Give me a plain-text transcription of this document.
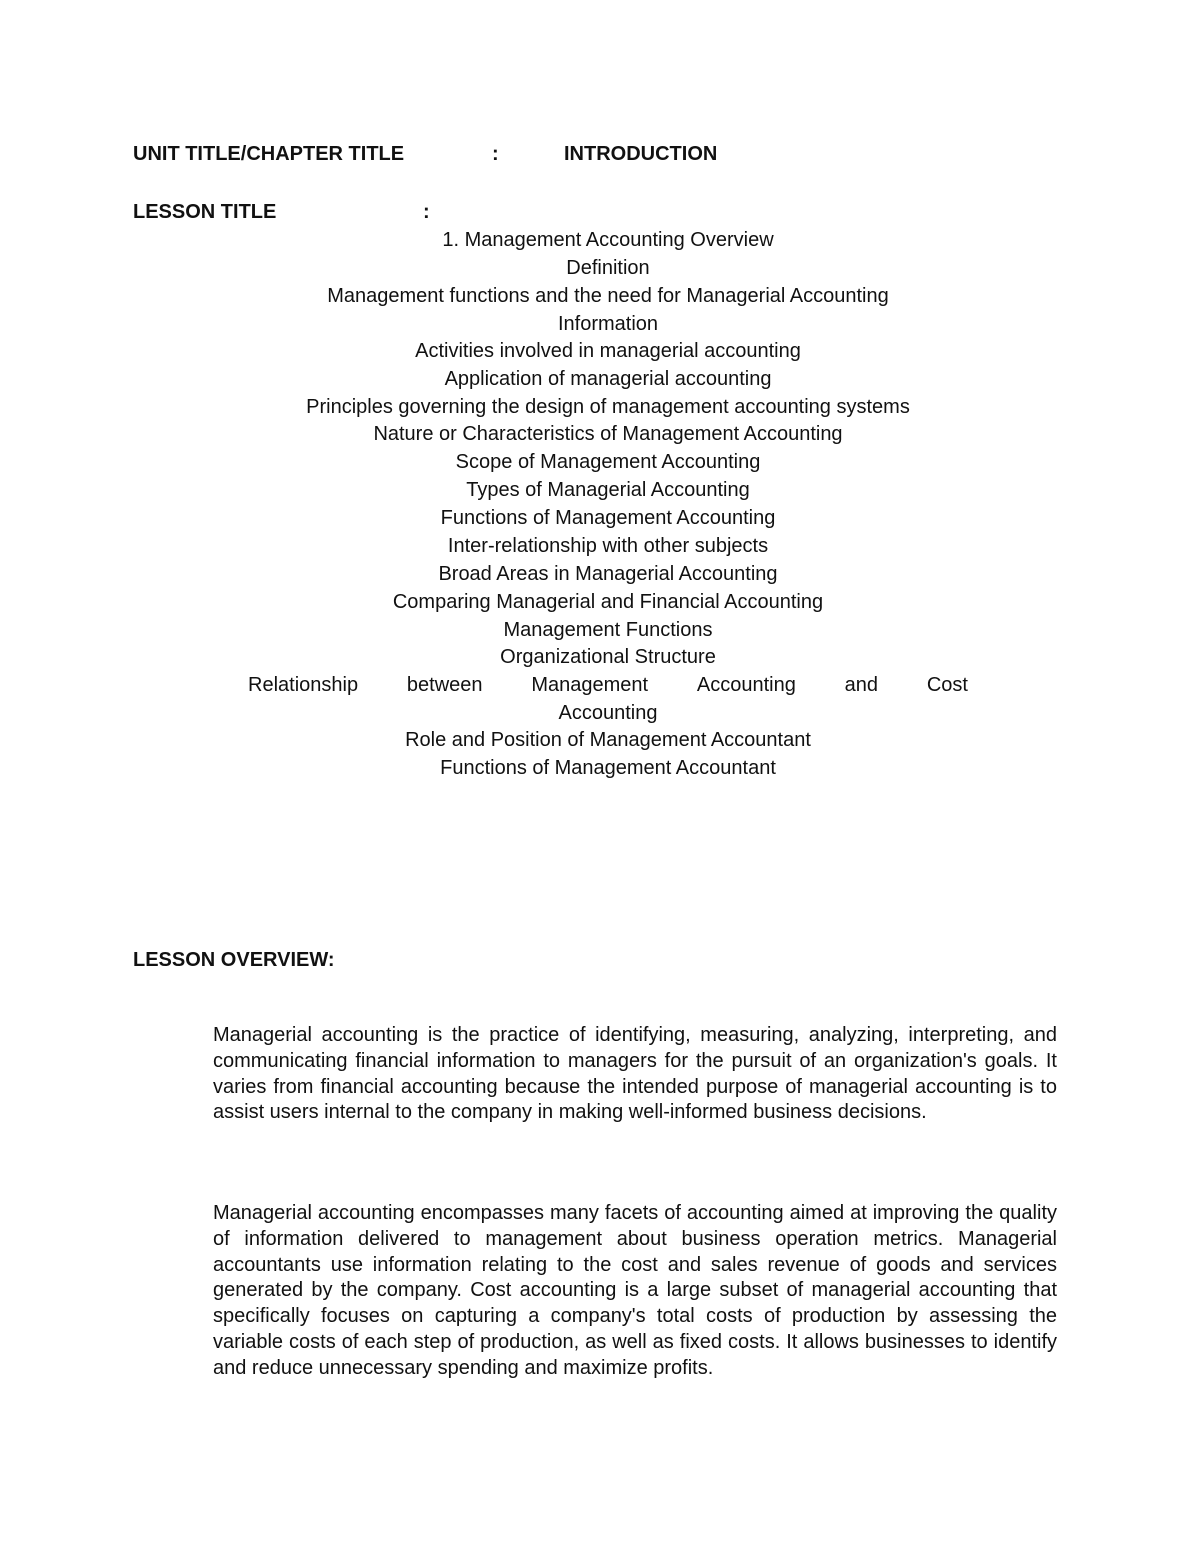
UNIT TITLE/CHAPTER TITLE	:	INTRODUCTION
LESSON TITLE	:
1. Management Accounting Overview
Definition
Management functions and the need for Managerial Accounting
Information
Activities involved in managerial accounting
Application of managerial accounting
Principles governing the design of management accounting systems
Nature or Characteristics of Management Accounting
Scope of Management Accounting
Types of Managerial Accounting
Functions of Management Accounting
Inter-relationship with other subjects
Broad Areas in Managerial Accounting
Comparing Managerial and Financial Accounting
Management Functions
Organizational Structure
Relationship between Management Accounting and Cost
Accounting
Role and Position of Management Accountant
Functions of Management Accountant
LESSON OVERVIEW:

Managerial accounting is the practice of identifying, measuring, analyzing, interpreting, and communicating financial information to managers for the pursuit of an organization's goals. It varies from financial accounting because the intended purpose of managerial accounting is to assist users internal to the company in making well-informed business decisions.

Managerial accounting encompasses many facets of accounting aimed at improving the quality of information delivered to management about business operation metrics. Managerial accountants use information relating to the cost and sales revenue of goods and services generated by the company. Cost accounting is a large subset of managerial accounting that specifically focuses on capturing a company's total costs of production by assessing the variable costs of each step of production, as well as fixed costs. It allows businesses to identify and reduce unnecessary spending and maximize profits.
